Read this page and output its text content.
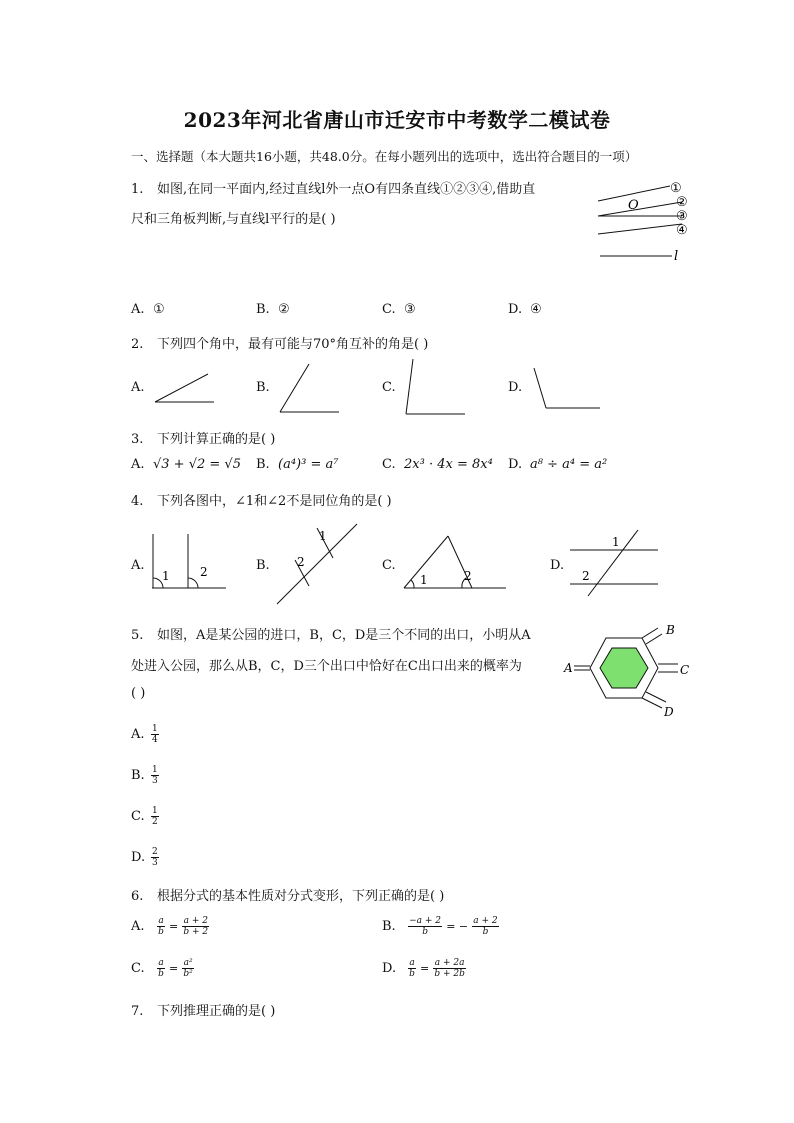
2023年河北省唐山市迁安市中考数学二模试卷
一、选择题（本大题共16小题，共48.0分。在每小题列出的选项中，选出符合题目的一项）
1. 如图,在同一平面内,经过直线l外一点O有四条直线①②③④,借助直
尺和三角板判断,与直线l平行的是( )
①
②
③
④
O
l
A. ①	B. ②	C. ③	D. ④
2. 下列四个角中，最有可能与70°角互补的角是( )
A.	B.	C.	D.
3. 下列计算正确的是( )
A. √3 + √2 = √5 B. (a⁴)³ = a⁷	C. 2x³ · 4x = 8x⁴ D. a⁸ ÷ a⁴ = a²
4. 下列各图中，∠1和∠2不是同位角的是( )
A.
1	2	B. 2
1
C.
1	2
D.
1
2
5. 如图，A是某公园的进口，B，C，D是三个不同的出口，小明从A
处进入公园，那么从B，C，D三个出口中恰好在C出口出来的概率为
( )
A
B
C
D
A. $\frac{1}{4}$
B. $\frac{1}{3}$
C. $\frac{1}{2}$
D. $\frac{2}{3}$
6. 根据分式的基本性质对分式变形，下列正确的是( )
A. $\frac{a}{b} = \frac{a + 2}{b + 2}$	B. $\frac{-a + 2}{b}$ = − $\frac{a + 2}{b}$
C. $\frac{a}{b} = \frac{\text{a²}}{\text{b²}}$	D. $\frac{a}{b} = \frac{a + 2a}{b + 2b}$
7. 下列推理正确的是( )
